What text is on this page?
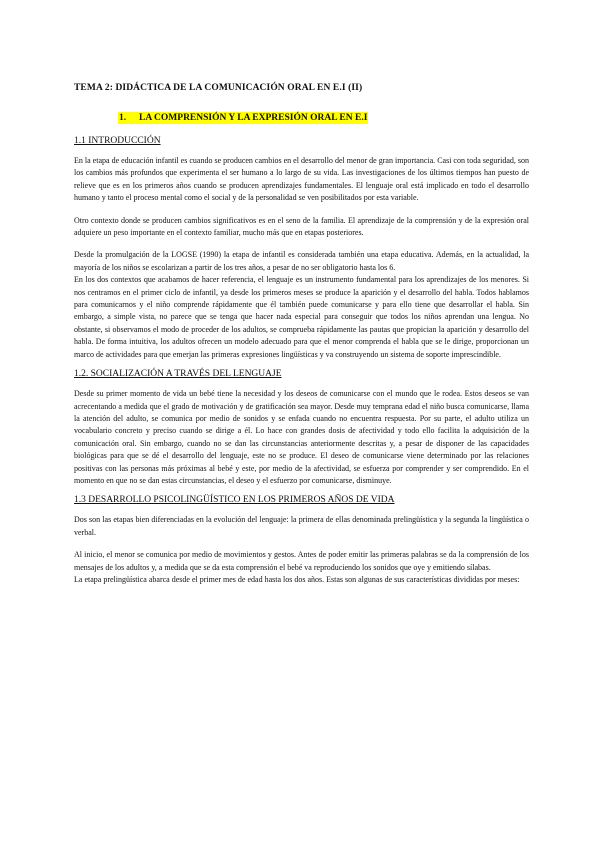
TEMA 2: DIDÁCTICA DE LA COMUNICACIÓN ORAL EN E.I (II)
1. LA COMPRENSIÓN Y LA EXPRESIÓN ORAL EN E.I
1.1 INTRODUCCIÓN

En la etapa de educación infantil es cuando se producen cambios en el desarrollo del menor de gran importancia. Casi con toda seguridad, son los cambios más profundos que experimenta el ser humano a lo largo de su vida. Las investigaciones de los últimos tiempos han puesto de relieve que es en los primeros años cuando se producen aprendizajes fundamentales. El lenguaje oral está implicado en todo el desarrollo humano y tanto el proceso mental como el social y de la personalidad se ven posibilitados por esta variable.

Otro contexto donde se producen cambios significativos es en el seno de la familia. El aprendizaje de la comprensión y de la expresión oral adquiere un peso importante en el contexto familiar, mucho más que en etapas posteriores.

Desde la promulgación de la LOGSE (1990) la etapa de infantil es considerada también una etapa educativa. Además, en la actualidad, la mayoría de los niños se escolarizan a partir de los tres años, a pesar de no ser obligatorio hasta los 6.

En los dos contextos que acabamos de hacer referencia, el lenguaje es un instrumento fundamental para los aprendizajes de los menores. Si nos centramos en el primer ciclo de infantil, ya desde los primeros meses se produce la aparición y el desarrollo del habla. Todos hablamos para comunicarnos y el niño comprende rápidamente que él también puede comunicarse y para ello tiene que desarrollar el habla. Sin embargo, a simple vista, no parece que se tenga que hacer nada especial para conseguir que todos los niños aprendan una lengua. No obstante, si observamos el modo de proceder de los adultos, se comprueba rápidamente las pautas que propician la aparición y desarrollo del habla. De forma intuitiva, los adultos ofrecen un modelo adecuado para que el menor comprenda el habla que se le dirige, proporcionan un marco de actividades para que emerjan las primeras expresiones lingüísticas y va construyendo un sistema de soporte imprescindible.

1.2. SOCIALIZACIÓN A TRAVÉS DEL LENGUAJE

Desde su primer momento de vida un bebé tiene la necesidad y los deseos de comunicarse con el mundo que le rodea. Estos deseos se van acrecentando a medida que el grado de motivación y de gratificación sea mayor. Desde muy temprana edad el niño busca comunicarse, llama la atención del adulto, se comunica por medio de sonidos y se enfada cuando no encuentra respuesta. Por su parte, el adulto utiliza un vocabulario concreto y preciso cuando se dirige a él. Lo hace con grandes dosis de afectividad y todo ello facilita la adquisición de la comunicación oral. Sin embargo, cuando no se dan las circunstancias anteriormente descritas y, a pesar de disponer de las capacidades biológicas para que se dé el desarrollo del lenguaje, este no se produce. El deseo de comunicarse viene determinado por las relaciones positivas con las personas más próximas al bebé y este, por medio de la afectividad, se esfuerza por comprender y ser comprendido. En el momento en que no se dan estas circunstancias, el deseo y el esfuerzo por comunicarse, disminuye.

1.3 DESARROLLO PSICOLINGÜÍSTICO EN LOS PRIMEROS AÑOS DE VIDA

Dos son las etapas bien diferenciadas en la evolución del lenguaje: la primera de ellas denominada prelingüística y la segunda la lingüística o verbal.

Al inicio, el menor se comunica por medio de movimientos y gestos. Antes de poder emitir las primeras palabras se da la comprensión de los mensajes de los adultos y, a medida que se da esta comprensión el bebé va reproduciendo los sonidos que oye y emitiendo sílabas.

La etapa prelingüística abarca desde el primer mes de edad hasta los dos años. Estas son algunas de sus características divididas por meses:
